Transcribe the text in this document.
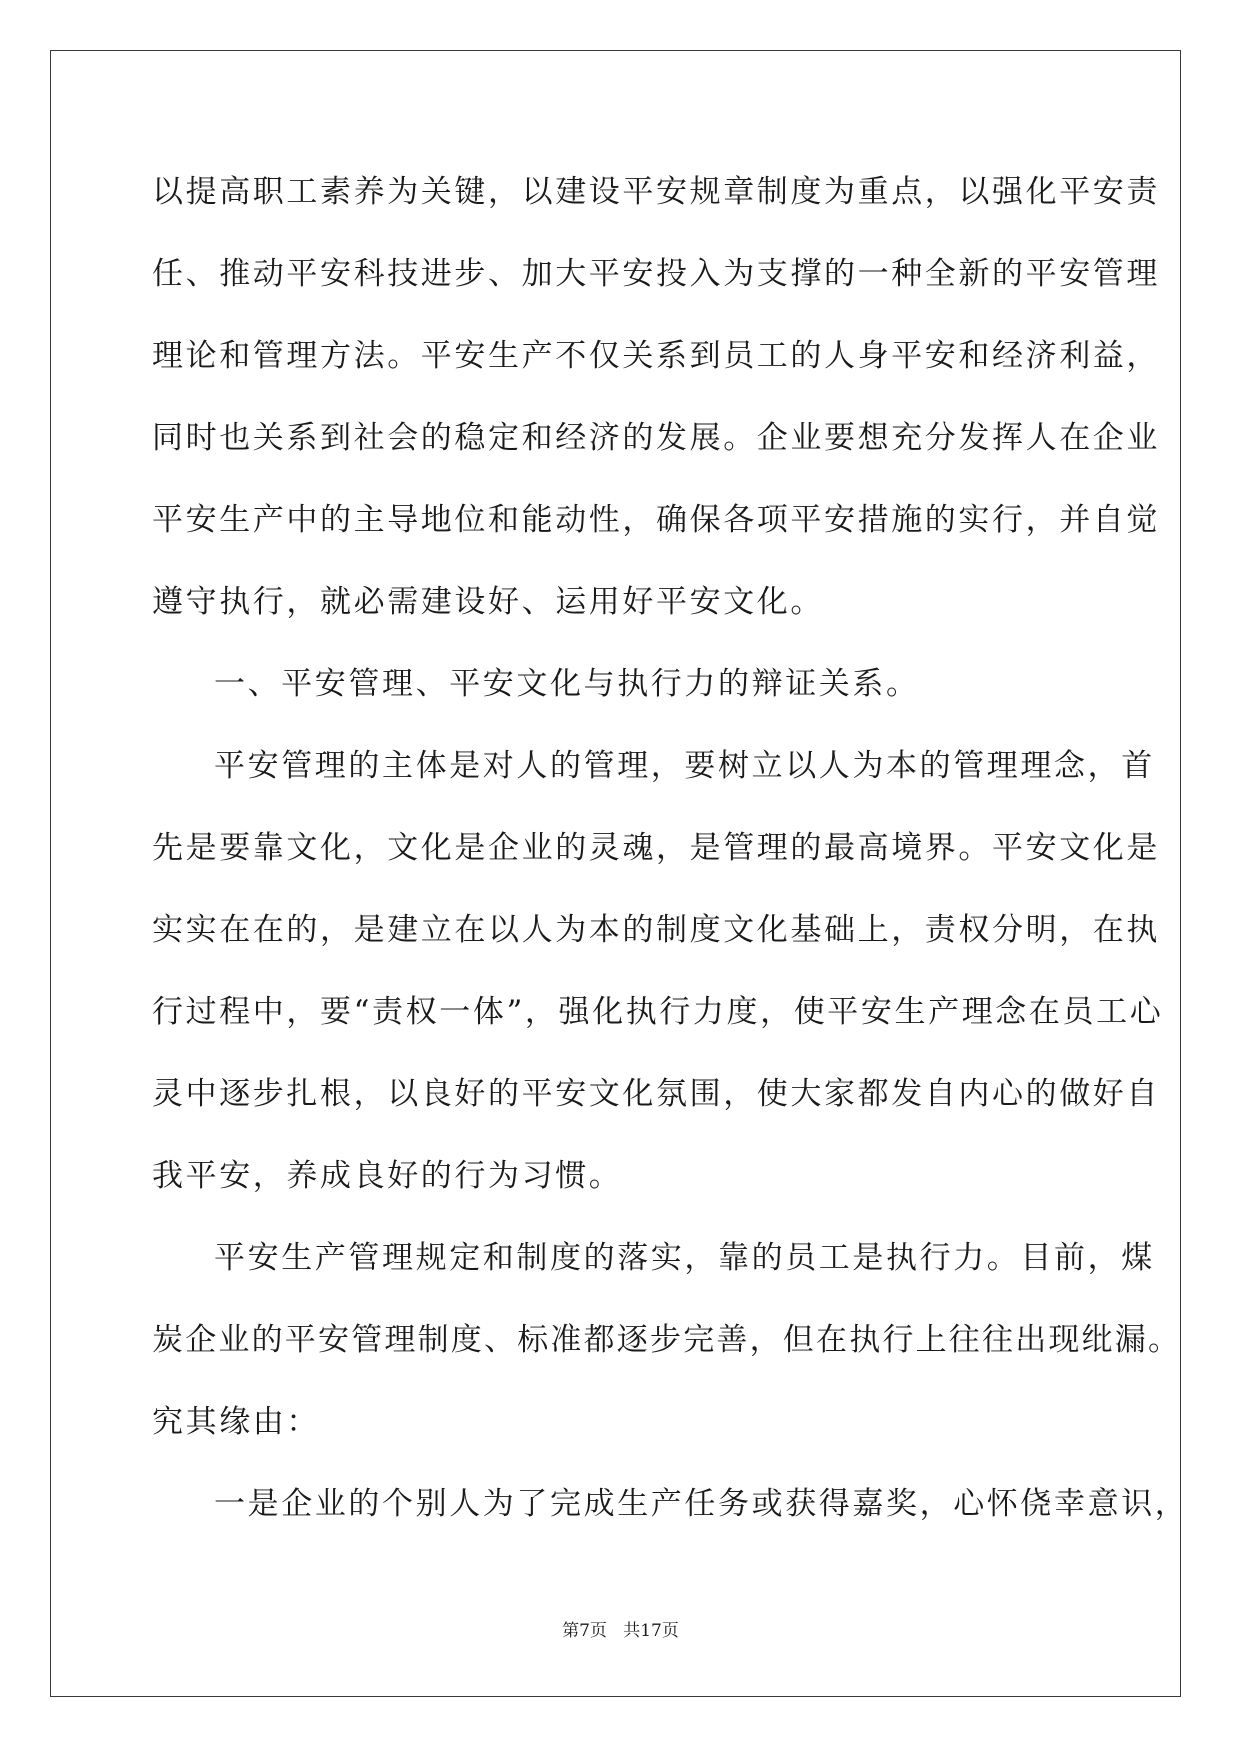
以提高职工素养为关键，以建设平安规章制度为重点，以强化平安责
任、推动平安科技进步、加大平安投入为支撑的一种全新的平安管理
理论和管理方法。平安生产不仅关系到员工的人身平安和经济利益，
同时也关系到社会的稳定和经济的发展。企业要想充分发挥人在企业
平安生产中的主导地位和能动性，确保各项平安措施的实行，并自觉
遵守执行，就必需建设好、运用好平安文化。
一、平安管理、平安文化与执行力的辩证关系。
平安管理的主体是对人的管理，要树立以人为本的管理理念，首
先是要靠文化，文化是企业的灵魂，是管理的最高境界。平安文化是
实实在在的，是建立在以人为本的制度文化基础上，责权分明，在执
行过程中，要“责权一体”，强化执行力度，使平安生产理念在员工心
灵中逐步扎根，以良好的平安文化氛围，使大家都发自内心的做好自
我平安，养成良好的行为习惯。
平安生产管理规定和制度的落实，靠的员工是执行力。目前，煤
炭企业的平安管理制度、标准都逐步完善，但在执行上往往出现纰漏。
究其缘由：
一是企业的个别人为了完成生产任务或获得嘉奖，心怀侥幸意识，
第7页 共17页
